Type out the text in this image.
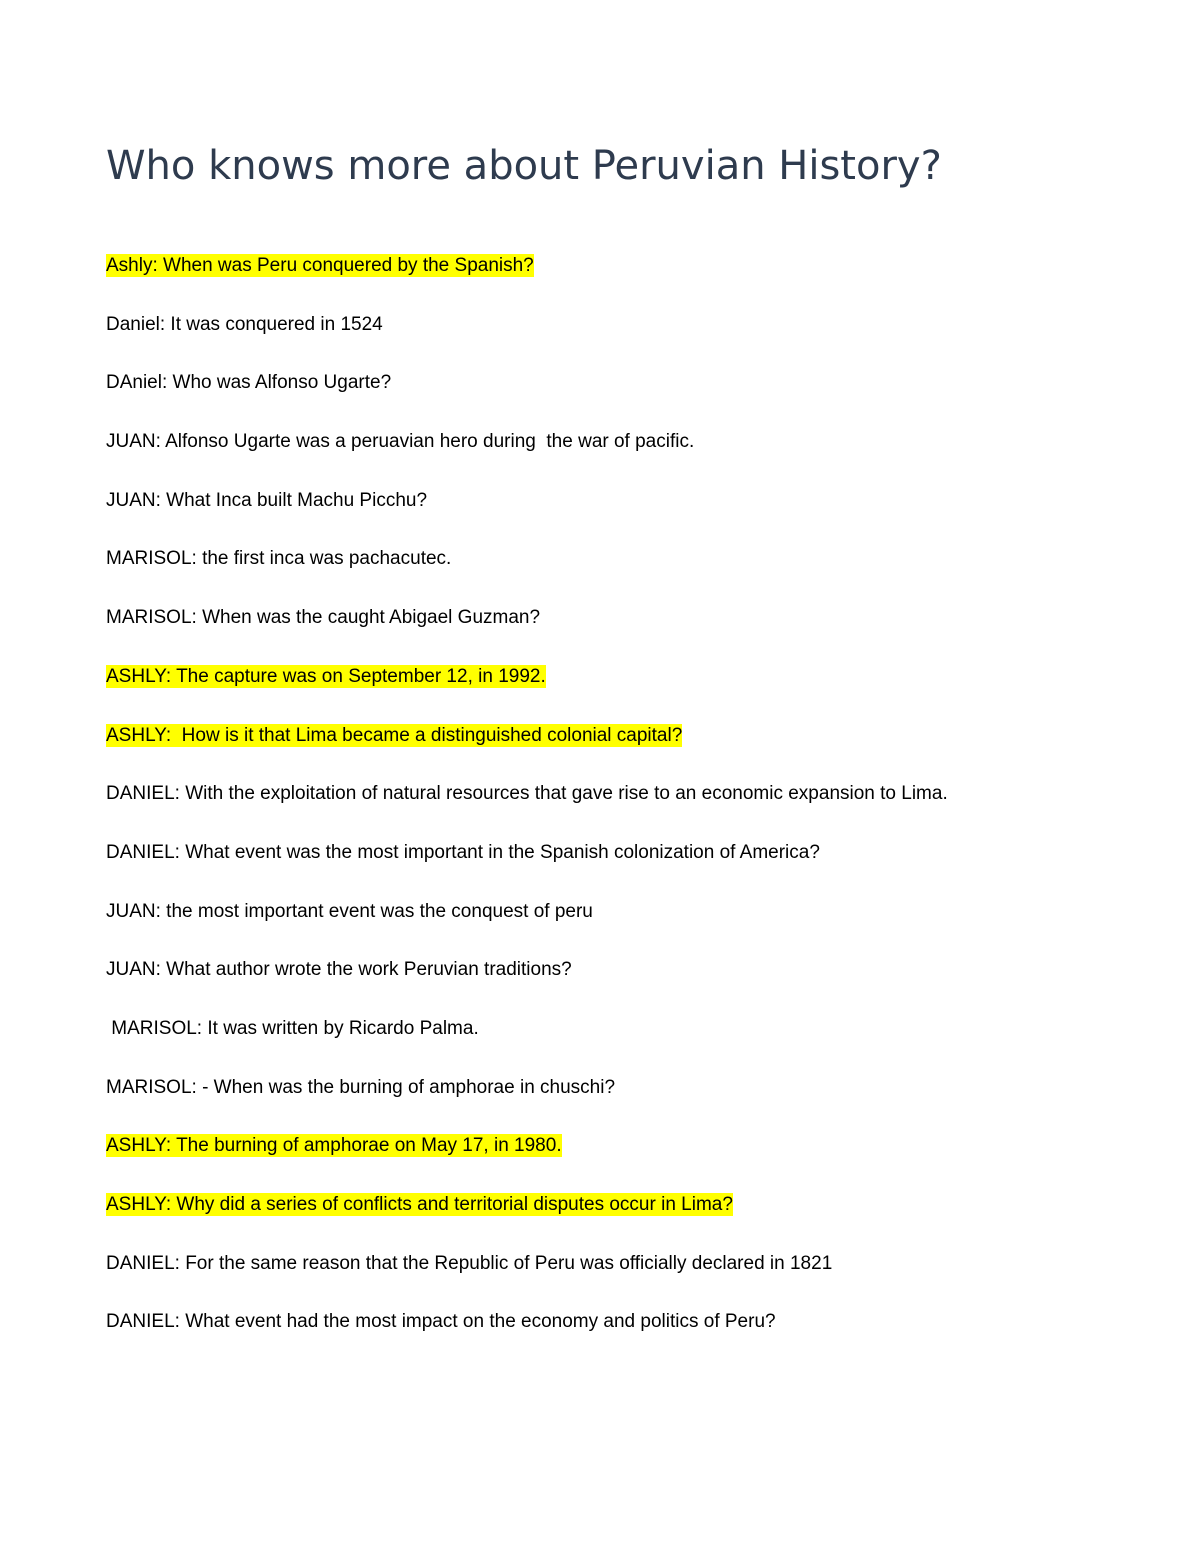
Who knows more about Peruvian History?
Ashly: When was Peru conquered by the Spanish?
Daniel: It was conquered in 1524
DAniel: Who was Alfonso Ugarte?
JUAN: Alfonso Ugarte was a peruavian hero during  the war of pacific.
JUAN: What Inca built Machu Picchu?
MARISOL: the first inca was pachacutec.
MARISOL: When was the caught Abigael Guzman?
ASHLY: The capture was on September 12, in 1992.
ASHLY:  How is it that Lima became a distinguished colonial capital?
DANIEL: With the exploitation of natural resources that gave rise to an economic expansion to Lima.
DANIEL: What event was the most important in the Spanish colonization of America?
JUAN: the most important event was the conquest of peru
JUAN: What author wrote the work Peruvian traditions?
MARISOL: It was written by Ricardo Palma.
MARISOL: - When was the burning of amphorae in chuschi?
ASHLY: The burning of amphorae on May 17, in 1980.
ASHLY: Why did a series of conflicts and territorial disputes occur in Lima?
DANIEL: For the same reason that the Republic of Peru was officially declared in 1821
DANIEL: What event had the most impact on the economy and politics of Peru?
